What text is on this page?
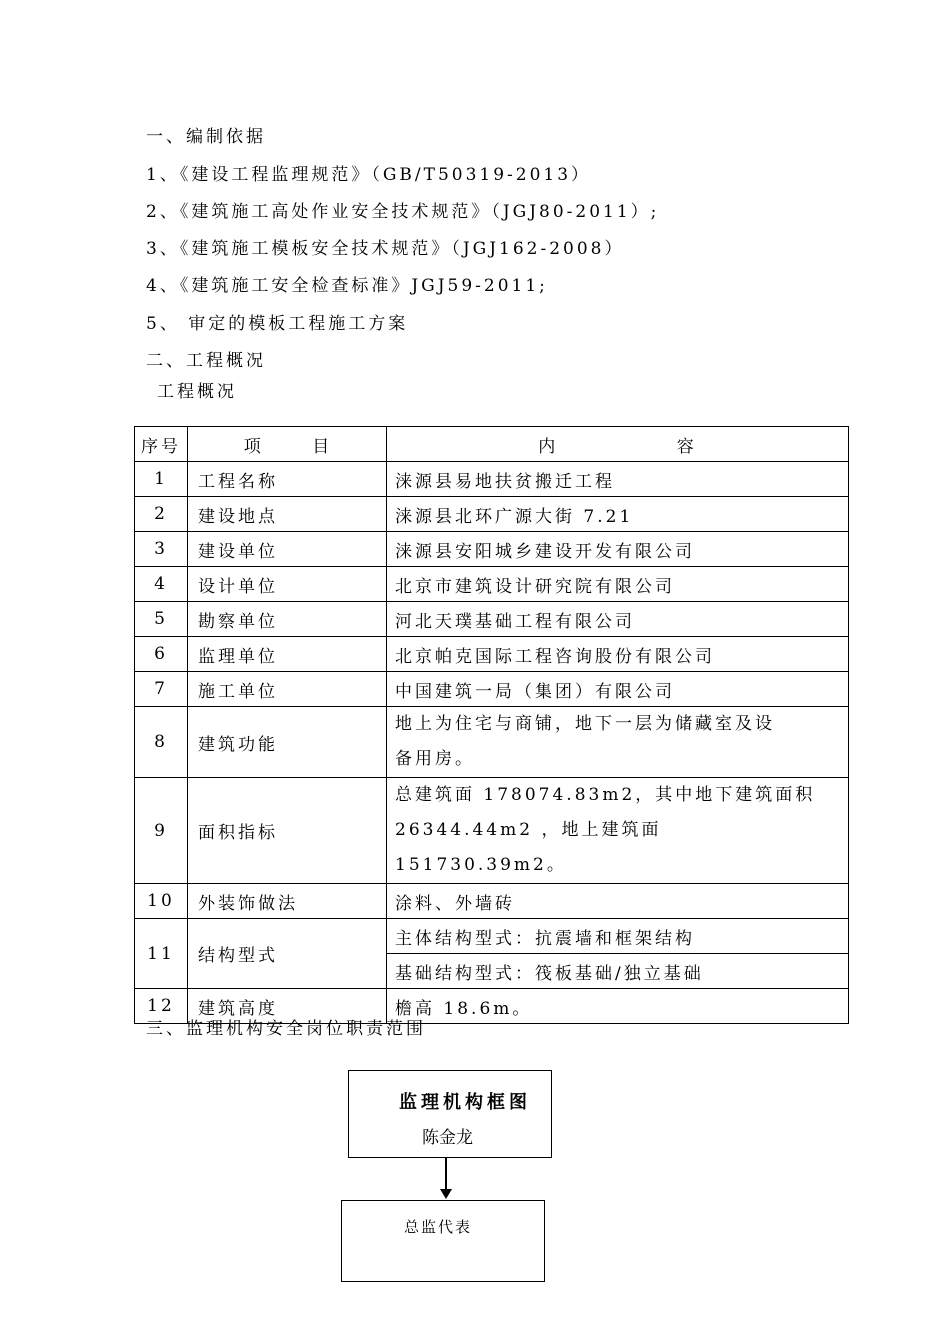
一、编制依据
1、《建设工程监理规范》（GB/T50319-2013）
2、《建筑施工高处作业安全技术规范》（JGJ80-2011）;
3、《建筑施工模板安全技术规范》（JGJ162-2008）
4、《建筑施工安全检查标准》JGJ59-2011;
5、 审定的模板工程施工方案
二、工程概况
工程概况
序号	项 目	内 容
1	工程名称	涞源县易地扶贫搬迁工程
2	建设地点	涞源县北环广源大街 7.21
3	建设单位	涞源县安阳城乡建设开发有限公司
4	设计单位	北京市建筑设计研究院有限公司
5	勘察单位	河北天璞基础工程有限公司
6	监理单位	北京帕克国际工程咨询股份有限公司
7	施工单位	中国建筑一局（集团）有限公司
8	建筑功能	地上为住宅与商铺，地下一层为储藏室及设
备用房。

9	面积指标	总建筑面 178074.83m2，其中地下建筑面积
26344.44m2 ，地上建筑面 151730.39m2。

10	外装饰做法	涂料、外墙砖
11	结构型式	主体结构型式：抗震墙和框架结构
		基础结构型式：筏板基础/独立基础
12	建筑高度	檐高 18.6m。
三、监理机构安全岗位职责范围
监理机构框图
陈金龙
总监代表
